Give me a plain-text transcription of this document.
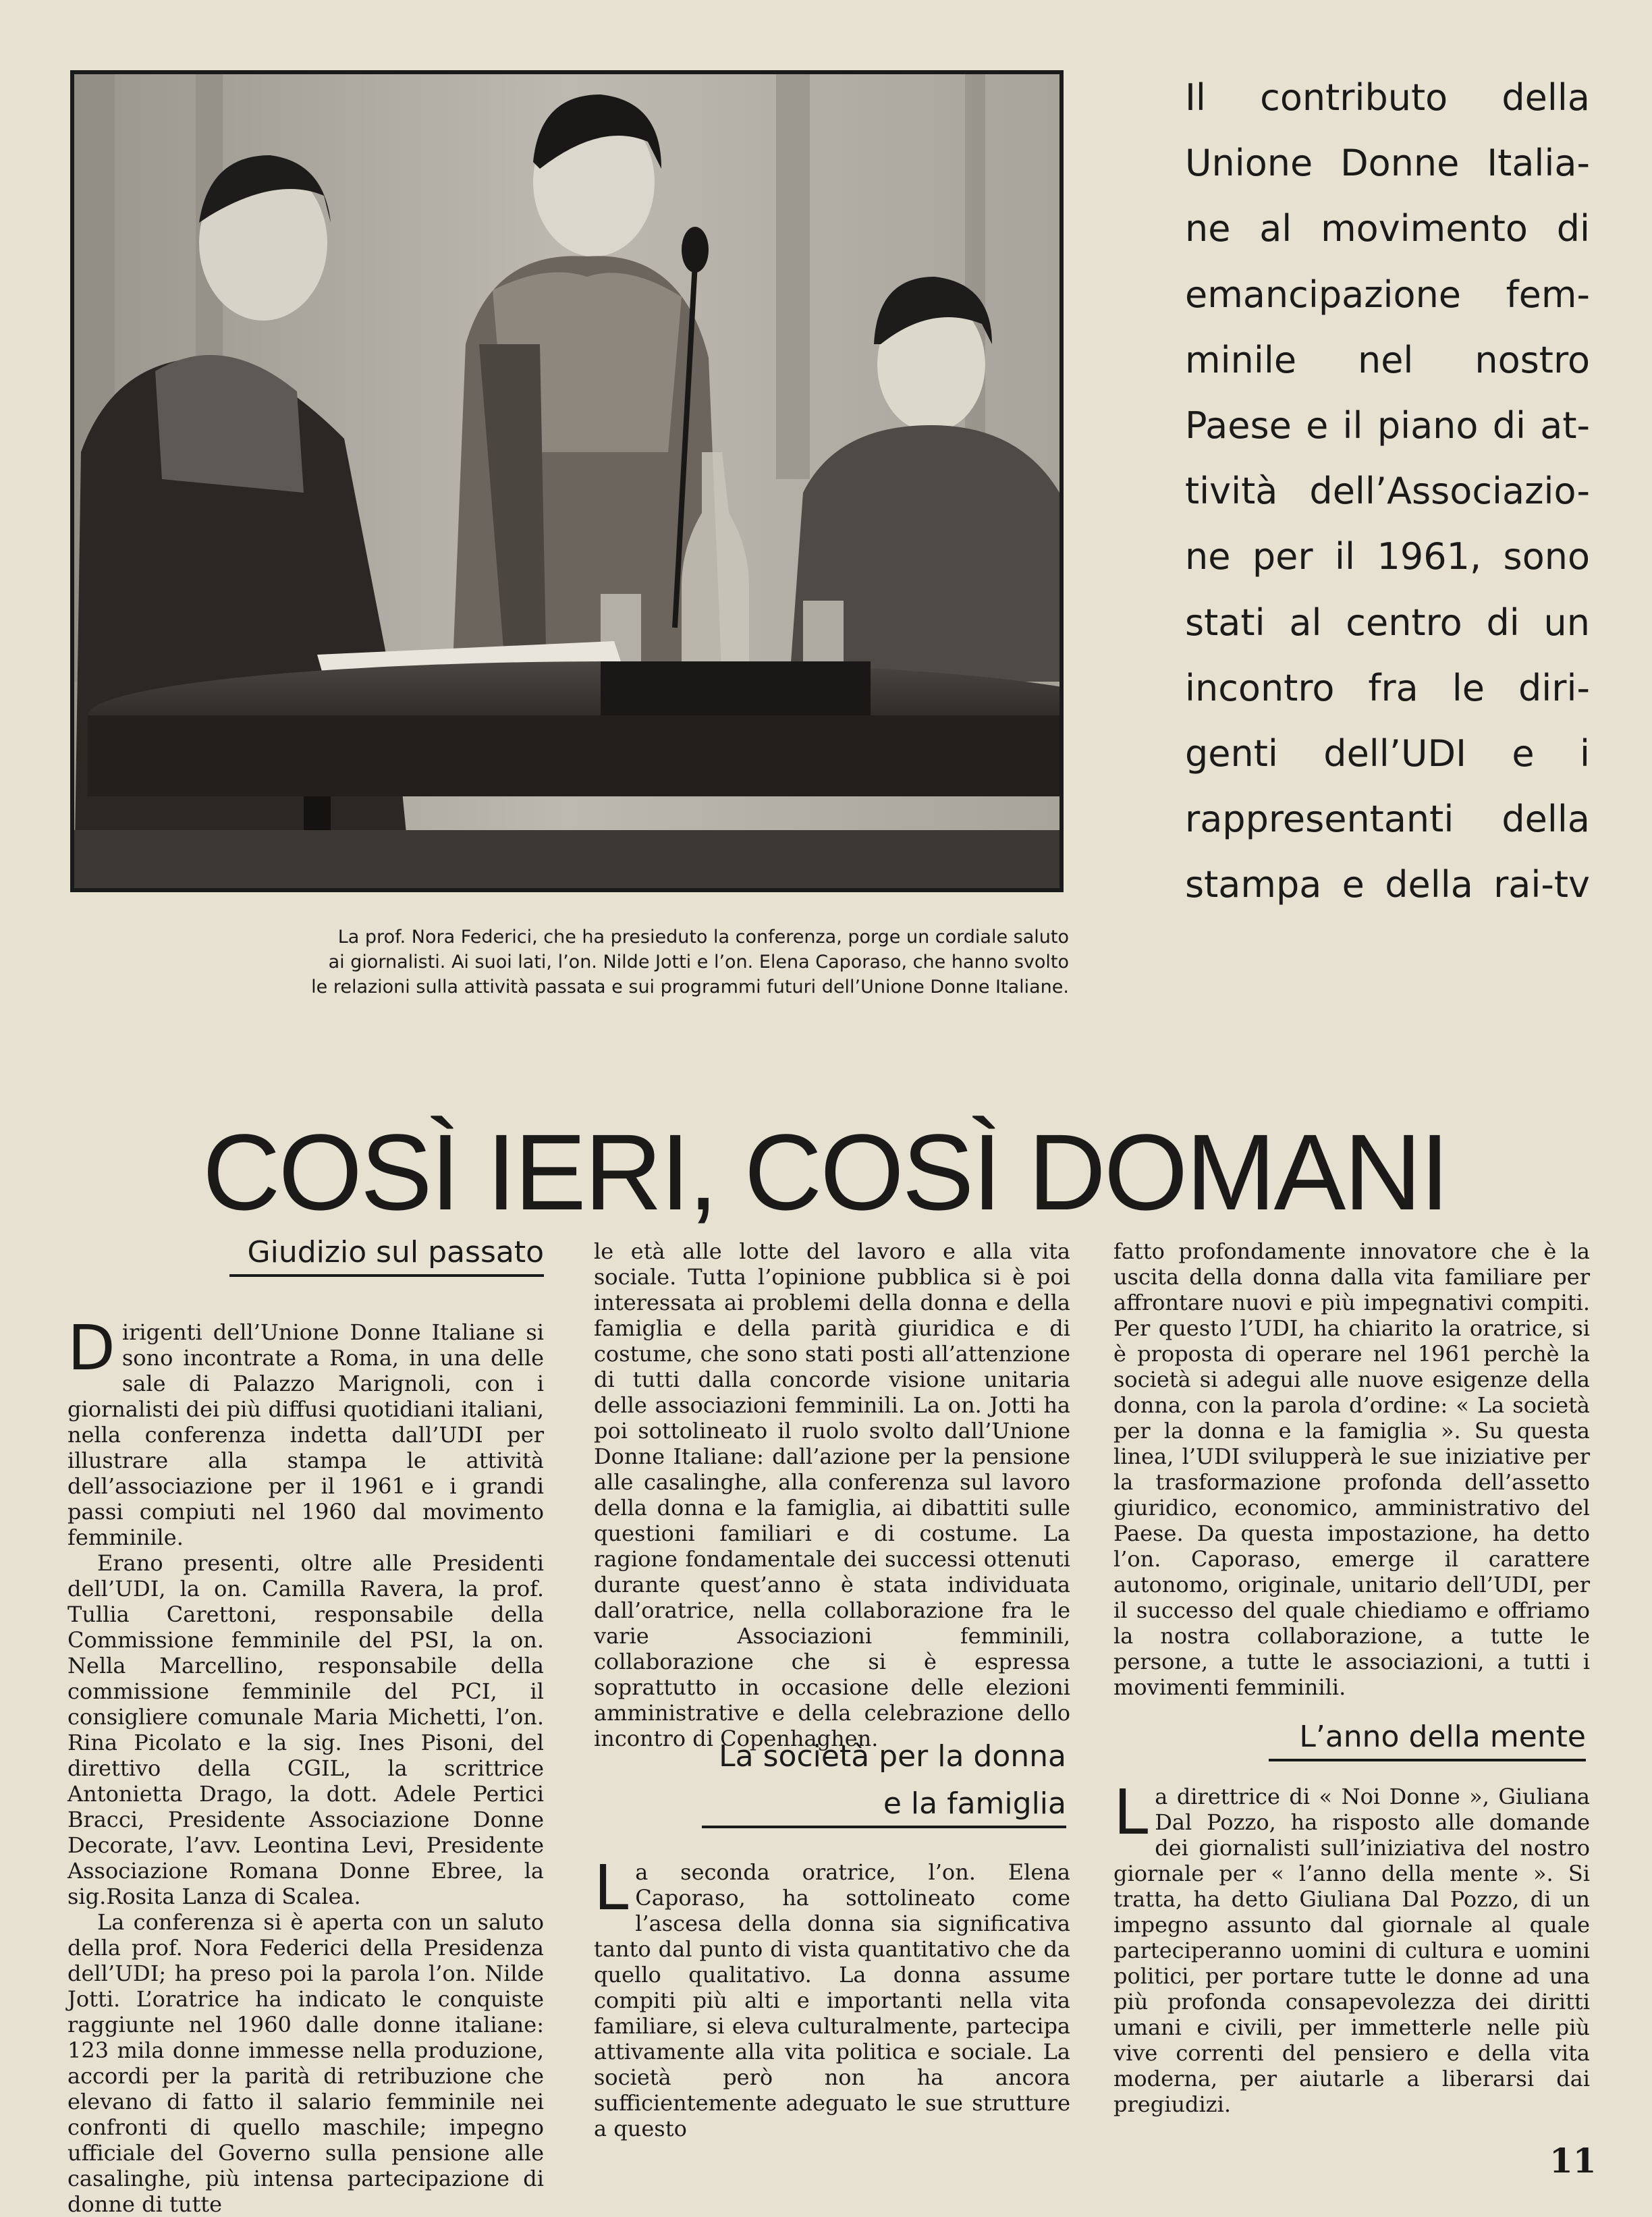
La prof. Nora Federici, che ha presieduto la conferenza, porge un cordiale saluto
ai giornalisti. Ai suoi lati, l’on. Nilde Jotti e l’on. Elena Caporaso, che hanno svolto
le relazioni sulla attività passata e sui programmi futuri dell’Unione Donne Italiane.
Il contributo della
Unione Donne Italia-
ne al movimento di
emancipazione fem-
minile nel nostro
Paese e il piano di at-
tività dell’Associazio-
ne per il 1961, sono
stati al centro di un
incontro fra le diri-
genti dell’UDI e i
rappresentanti della
stampa e della rai-tv
COSÌ IERI, COSÌ DOMANI
Giudizio sul passato
La società per la donna
e la famiglia
L’anno della mente

Dirigenti dell’Unione Donne Italiane si sono incontrate a Roma, in una delle sale di Palazzo Marignoli, con i giornalisti dei più diffusi quotidiani italiani, nella conferenza indetta dall’UDI per illustrare alla stampa le attività dell’associazione per il 1961 e i grandi passi compiuti nel 1960 dal movimento femminile.

Erano presenti, oltre alle Presidenti dell’UDI, la on. Camilla Ravera, la prof. Tullia Carettoni, responsabile della Commissione femminile del PSI, la on. Nella Marcellino, responsabile della commissione femminile del PCI, il consigliere comunale Maria Michetti, l’on. Rina Picolato e la sig. Ines Pisoni, del direttivo della CGIL, la scrittrice Antonietta Drago, la dott. Adele Pertici Bracci, Presidente Associazione Donne Decorate, l’avv. Leontina Levi, Presidente Associazione Romana Donne Ebree, la sig.Rosita Lanza di Scalea.

La conferenza si è aperta con un saluto della prof. Nora Federici della Presidenza dell’UDI; ha preso poi la parola l’on. Nilde Jotti. L’oratrice ha indicato le conquiste raggiunte nel 1960 dalle donne italiane: 123 mila donne immesse nella produzione, accordi per la parità di retribuzione che elevano di fatto il salario femminile nei confronti di quello maschile; impegno ufficiale del Governo sulla pensione alle casalinghe, più intensa partecipazione di donne di tutte

le età alle lotte del lavoro e alla vita sociale. Tutta l’opinione pubblica si è poi interessata ai problemi della donna e della famiglia e della parità giuridica e di costume, che sono stati posti all’attenzione di tutti dalla concorde visione unitaria delle associazioni femminili. La on. Jotti ha poi sottolineato il ruolo svolto dall’Unione Donne Italiane: dall’azione per la pensione alle casalinghe, alla conferenza sul lavoro della donna e la famiglia, ai dibattiti sulle questioni familiari e di costume. La ragione fondamentale dei successi ottenuti durante quest’anno è stata individuata dall’oratrice, nella collaborazione fra le varie Associazioni femminili, collaborazione che si è espressa soprattutto in occasione delle elezioni amministrative e della celebrazione dello incontro di Copenhaghen.

La seconda oratrice, l’on. Elena Caporaso, ha sottolineato come l’ascesa della donna sia significativa tanto dal punto di vista quantitativo che da quello qualitativo. La donna assume compiti più alti e importanti nella vita familiare, si eleva culturalmente, partecipa attivamente alla vita politica e sociale. La società però non ha ancora sufficientemente adeguato le sue strutture a questo

fatto profondamente innovatore che è la uscita della donna dalla vita familiare per affrontare nuovi e più impegnativi compiti. Per questo l’UDI, ha chiarito la oratrice, si è proposta di operare nel 1961 perchè la società si adegui alle nuove esigenze della donna, con la parola d’ordine: « La società per la donna e la famiglia ». Su questa linea, l’UDI svilupperà le sue iniziative per la trasformazione profonda dell’assetto giuridico, economico, amministrativo del Paese. Da questa impostazione, ha detto l’on. Caporaso, emerge il carattere autonomo, originale, unitario dell’UDI, per il successo del quale chiediamo e offriamo la nostra collaborazione, a tutte le persone, a tutte le associazioni, a tutti i movimenti femminili.

La direttrice di « Noi Donne », Giuliana Dal Pozzo, ha risposto alle domande dei giornalisti sull’iniziativa del nostro giornale per « l’anno della mente ». Si tratta, ha detto Giuliana Dal Pozzo, di un impegno assunto dal giornale al quale parteciperanno uomini di cultura e uomini politici, per portare tutte le donne ad una più profonda consapevolezza dei diritti umani e civili, per immetterle nelle più vive correnti del pensiero e della vita moderna, per aiutarle a liberarsi dai pregiudizi.

11
